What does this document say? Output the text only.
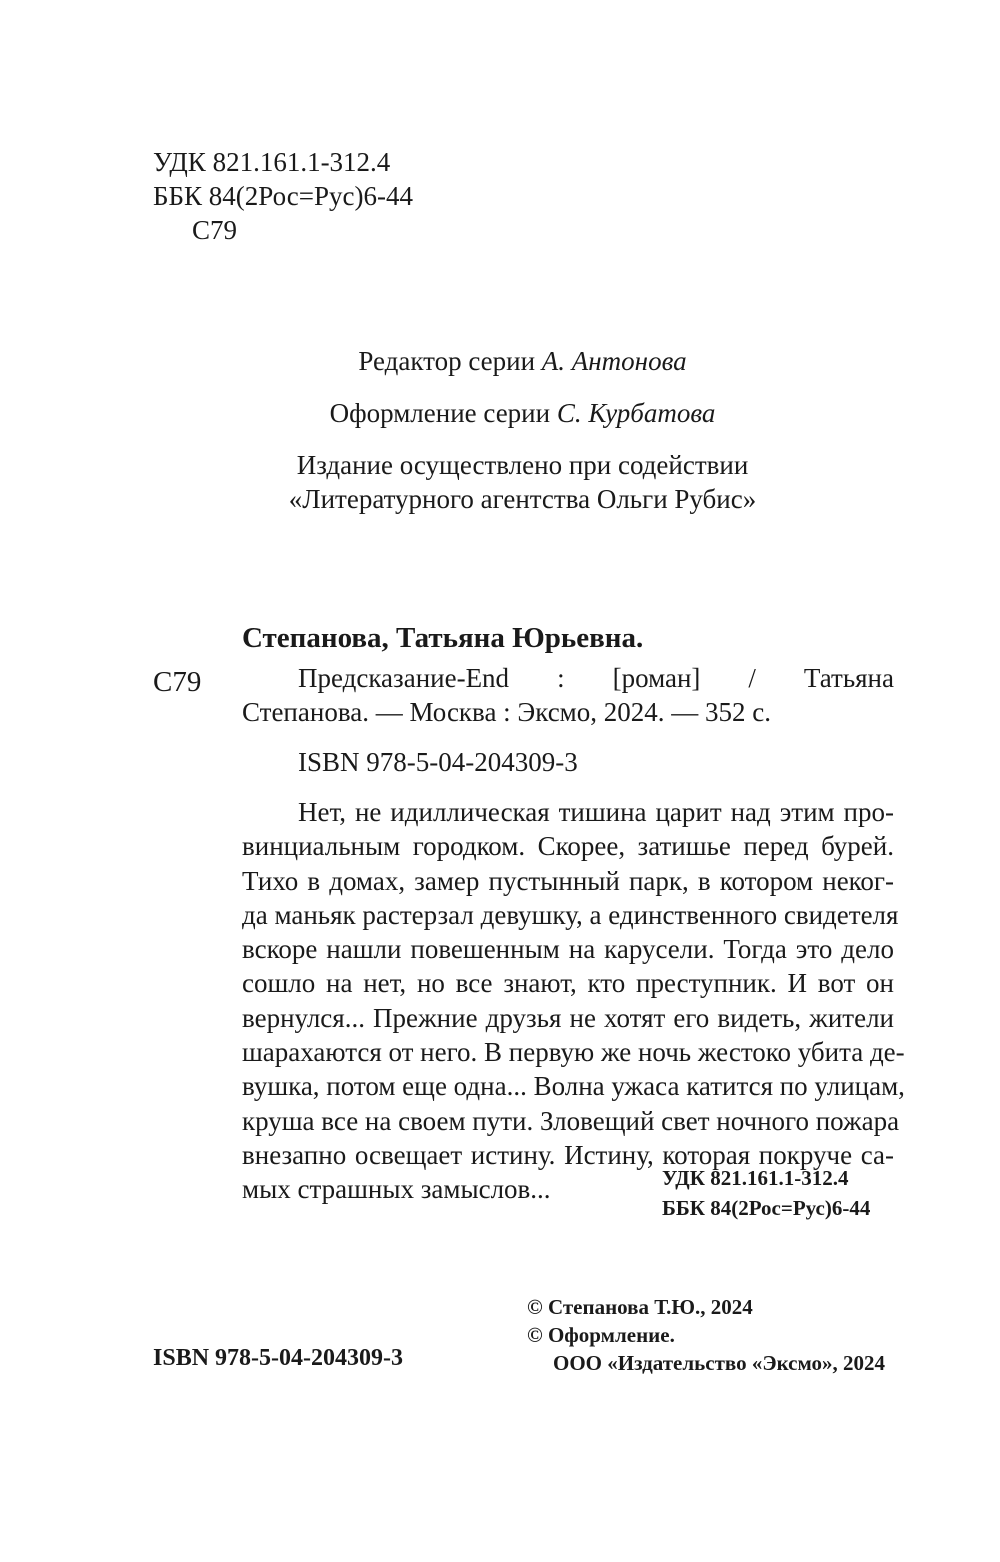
УДК 821.161.1-312.4
ББК 84(2Рос=Рус)6-44
С79
Редактор серии А. Антонова
Оформление серии С. Курбатова
Издание осуществлено при содействии
«Литературного агентства Ольги Рубис»
Степанова, Татьяна Юрьевна.
С79	Предсказание-End : [роман] / Татьяна
Степанова. — Москва : Эксмо, 2024. — 352 с.
ISBN 978-5-04-204309-3
Нет, не идиллическая тишина царит над этим про-
винциальным городком. Скорее, затишье перед бурей.
Тихо в домах, замер пустынный парк, в котором неког-
да маньяк растерзал девушку, а единственного свидетеля
вскоре нашли повешенным на карусели. Тогда это дело
сошло на нет, но все знают, кто преступник. И вот он
вернулся... Прежние друзья не хотят его видеть, жители
шарахаются от него. В первую же ночь жестоко убита де-
вушка, потом еще одна... Волна ужаса катится по улицам,
круша все на своем пути. Зловещий свет ночного пожара
внезапно освещает истину. Истину, которая покруче са-
мых страшных замыслов...	УДК 821.161.1-312.4
ББК 84(2Рос=Рус)6-44
© Степанова Т.Ю., 2024
© Оформление.
ООО «Издательство «Эксмо», 2024
ISBN 978-5-04-204309-3
